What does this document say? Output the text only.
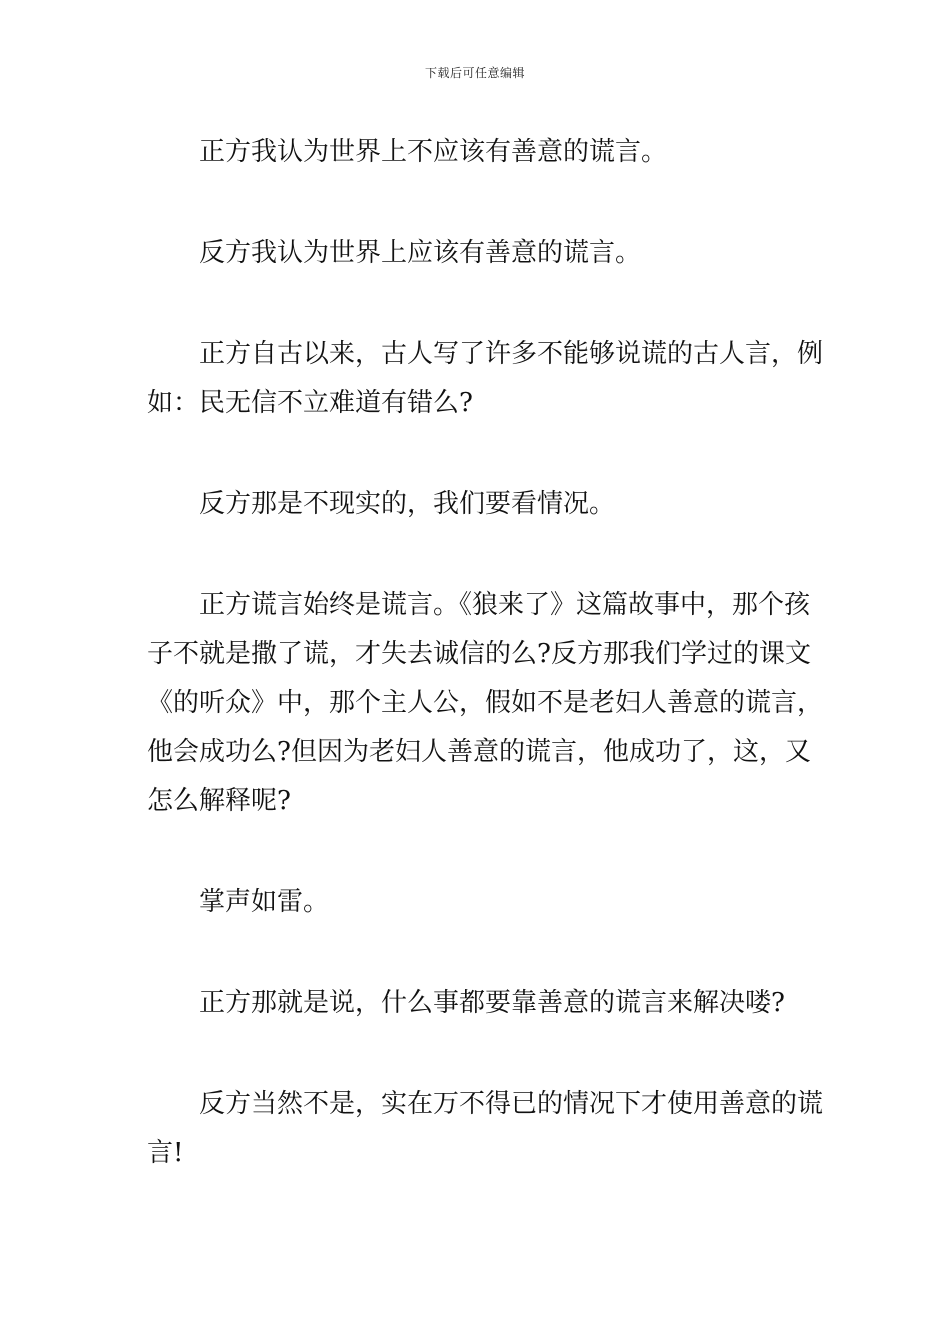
下载后可任意编辑

正方我认为世界上不应该有善意的谎言。

反方我认为世界上应该有善意的谎言。

正方自古以来，古人写了许多不能够说谎的古人言，例如：民无信不立难道有错么?

反方那是不现实的，我们要看情况。

正方谎言始终是谎言。《狼来了》这篇故事中，那个孩子不就是撒了谎，才失去诚信的么?反方那我们学过的课文《的听众》中，那个主人公，假如不是老妇人善意的谎言，他会成功么?但因为老妇人善意的谎言，他成功了，这，又怎么解释呢?

掌声如雷。

正方那就是说，什么事都要靠善意的谎言来解决喽?

反方当然不是，实在万不得已的情况下才使用善意的谎言!
